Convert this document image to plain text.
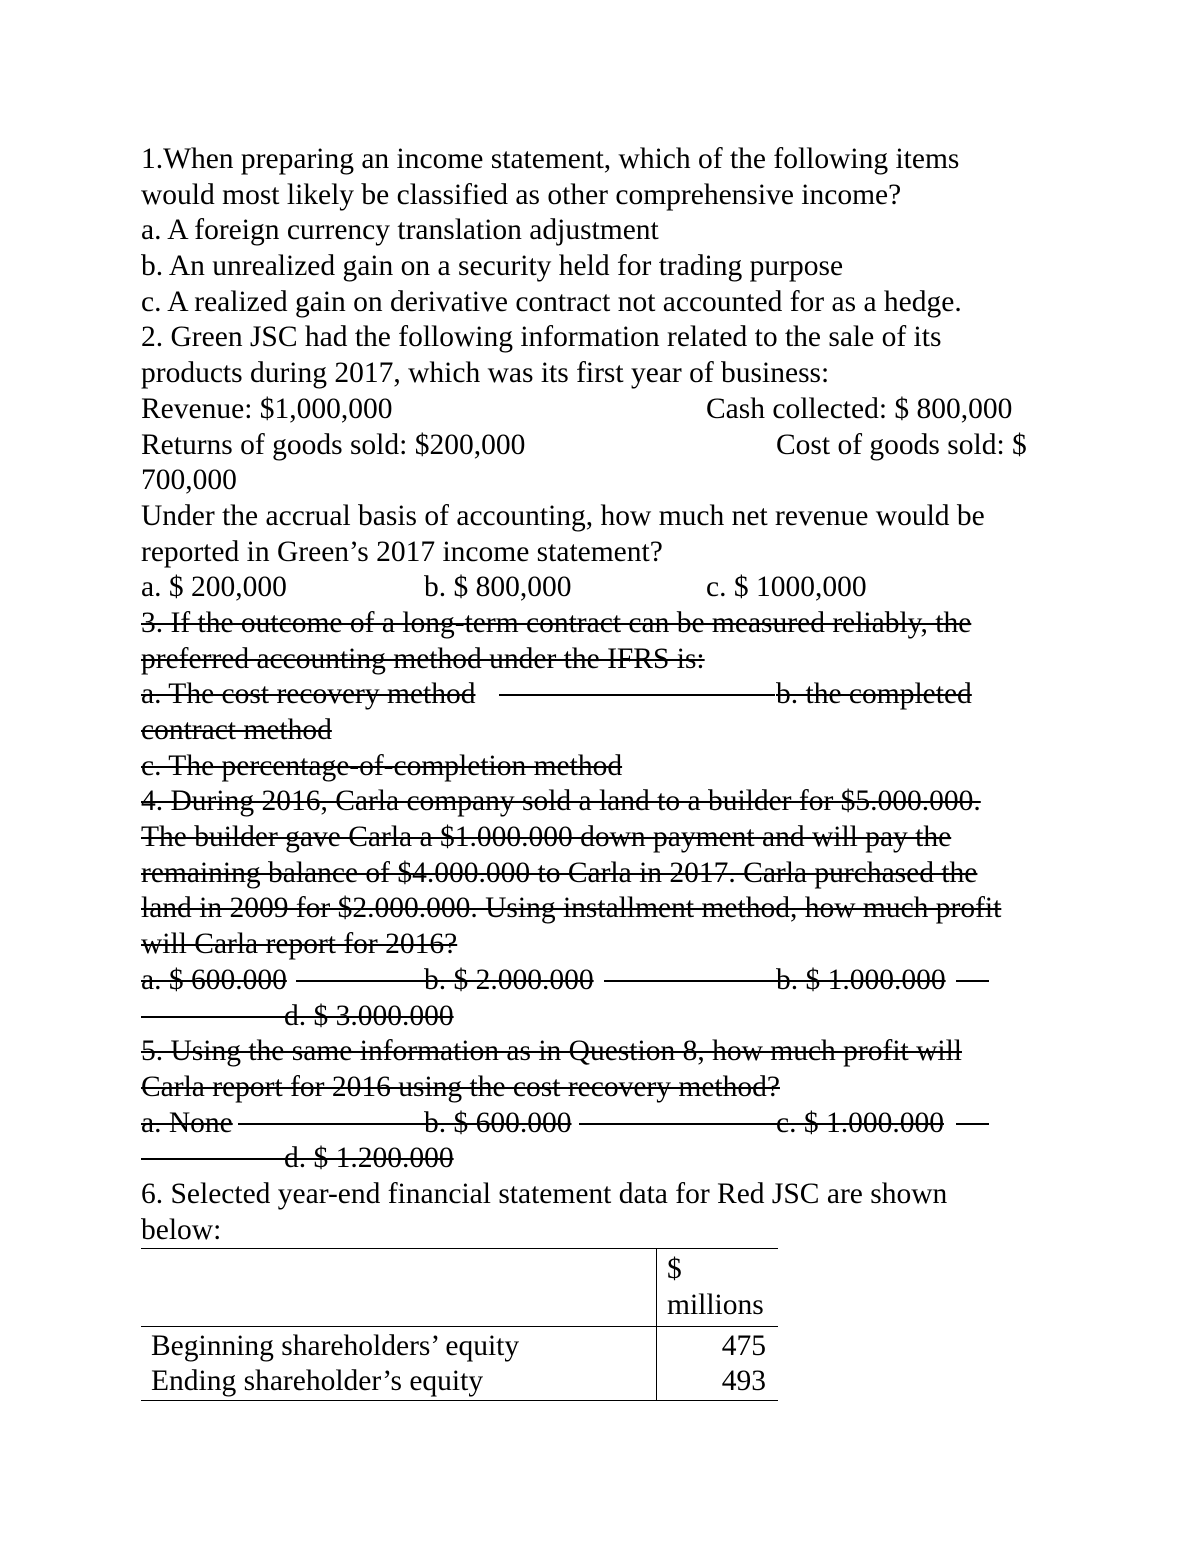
1.When preparing an income statement, which of the following items
would most likely be classified as other comprehensive income?
a. A foreign currency translation adjustment
b. An unrealized gain on a security held for trading purpose
c. A realized gain on derivative contract not accounted for as a hedge.
2. Green JSC had the following information related to the sale of its
products during 2017, which was its first year of business:
Revenue: $1,000,000	Cash collected: $ 800,000
Returns of goods sold: $200,000	Cost of goods sold: $
700,000
Under the accrual basis of accounting, how much net revenue would be
reported in Green’s 2017 income statement?
a. $ 200,000	b. $ 800,000	c. $ 1000,000
3. If the outcome of a long-term contract can be measured reliably, the
preferred accounting method under the IFRS is:
a. The cost recovery method	b. the completed
contract method
c. The percentage-of-completion method
4. During 2016, Carla company sold a land to a builder for $5.000.000.
The builder gave Carla a $1.000.000 down payment and will pay the
remaining balance of $4.000.000 to Carla in 2017. Carla purchased the
land in 2009 for $2.000.000. Using installment method, how much profit
will Carla report for 2016?
a. $ 600.000	b. $ 2.000.000	b. $ 1.000.000
d. $ 3.000.000
5. Using the same information as in Question 8, how much profit will
Carla report for 2016 using the cost recovery method?
a. None	b. $ 600.000	c. $ 1.000.000
d. $ 1.200.000
6. Selected year-end financial statement data for Red JSC are shown
below:

	$
millions

Beginning shareholders’ equity	475
Ending shareholder’s equity	493
